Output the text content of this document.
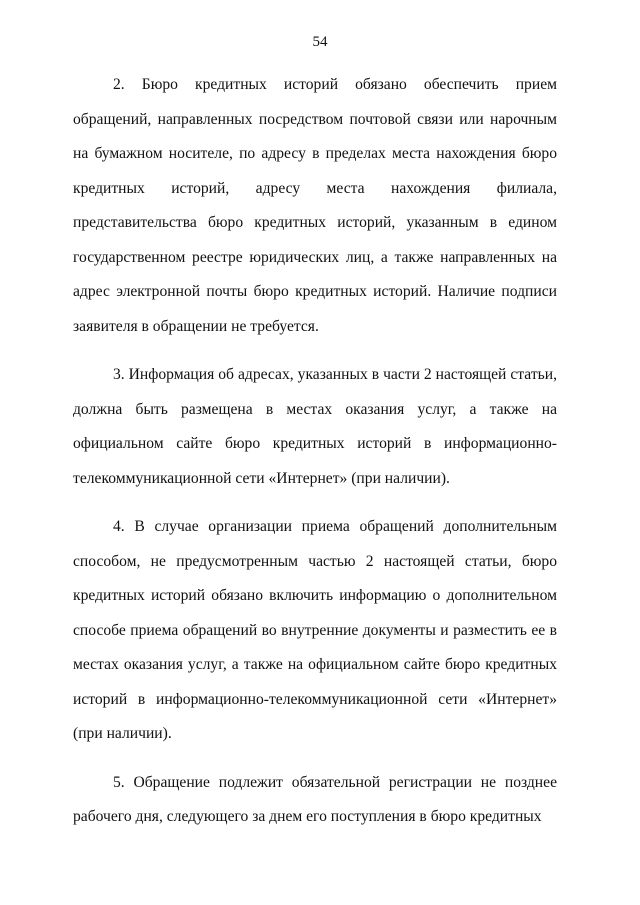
54

2. Бюро кредитных историй обязано обеспечить прием обращений, направленных посредством почтовой связи или нарочным на бумажном носителе, по адресу в пределах места нахождения бюро кредитных историй, адресу места нахождения филиала, представительства бюро кредитных историй, указанным в едином государственном реестре юридических лиц, а также направленных на адрес электронной почты бюро кредитных историй. Наличие подписи заявителя в обращении не требуется.

3. Информация об адресах, указанных в части 2 настоящей статьи, должна быть размещена в местах оказания услуг, а также на официальном сайте бюро кредитных историй в информационно-телекоммуникационной сети «Интернет» (при наличии).

4. В случае организации приема обращений дополнительным способом, не предусмотренным частью 2 настоящей статьи, бюро кредитных историй обязано включить информацию о дополнительном способе приема обращений во внутренние документы и разместить ее в местах оказания услуг, а также на официальном сайте бюро кредитных историй в информационно-телекоммуникационной сети «Интернет» (при наличии).

5. Обращение подлежит обязательной регистрации не позднее рабочего дня, следующего за днем его поступления в бюро кредитных
